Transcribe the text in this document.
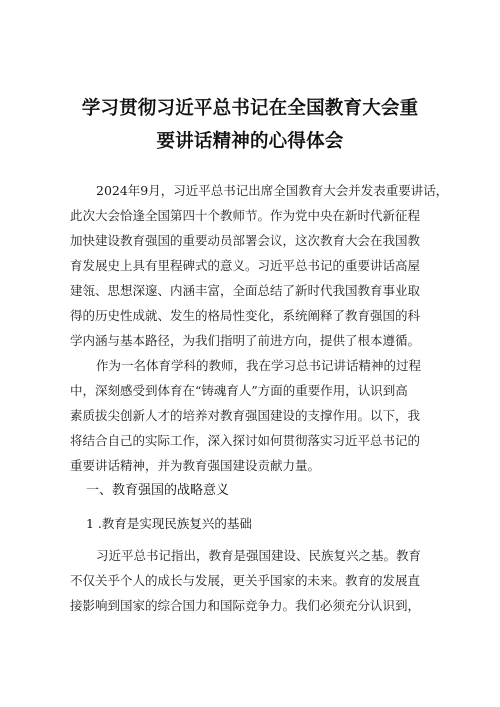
学习贯彻习近平总书记在全国教育大会重
要讲话精神的心得体会
2024年9月，习近平总书记出席全国教育大会并发表重要讲话，
此次大会恰逢全国第四十个教师节。作为党中央在新时代新征程
加快建设教育强国的重要动员部署会议，这次教育大会在我国教
育发展史上具有里程碑式的意义。习近平总书记的重要讲话高屋
建瓴、思想深邃、内涵丰富，全面总结了新时代我国教育事业取
得的历史性成就、发生的格局性变化，系统阐释了教育强国的科
学内涵与基本路径，为我们指明了前进方向，提供了根本遵循。
作为一名体育学科的教师，我在学习总书记讲话精神的过程
中，深刻感受到体育在“铸魂育人”方面的重要作用，认识到高
素质拔尖创新人才的培养对教育强国建设的支撑作用。以下，我
将结合自己的实际工作，深入探讨如何贯彻落实习近平总书记的
重要讲话精神，并为教育强国建设贡献力量。
一、教育强国的战略意义
1 .教育是实现民族复兴的基础
习近平总书记指出，教育是强国建设、民族复兴之基。教育
不仅关乎个人的成长与发展，更关乎国家的未来。教育的发展直
接影响到国家的综合国力和国际竞争力。我们必须充分认识到，
